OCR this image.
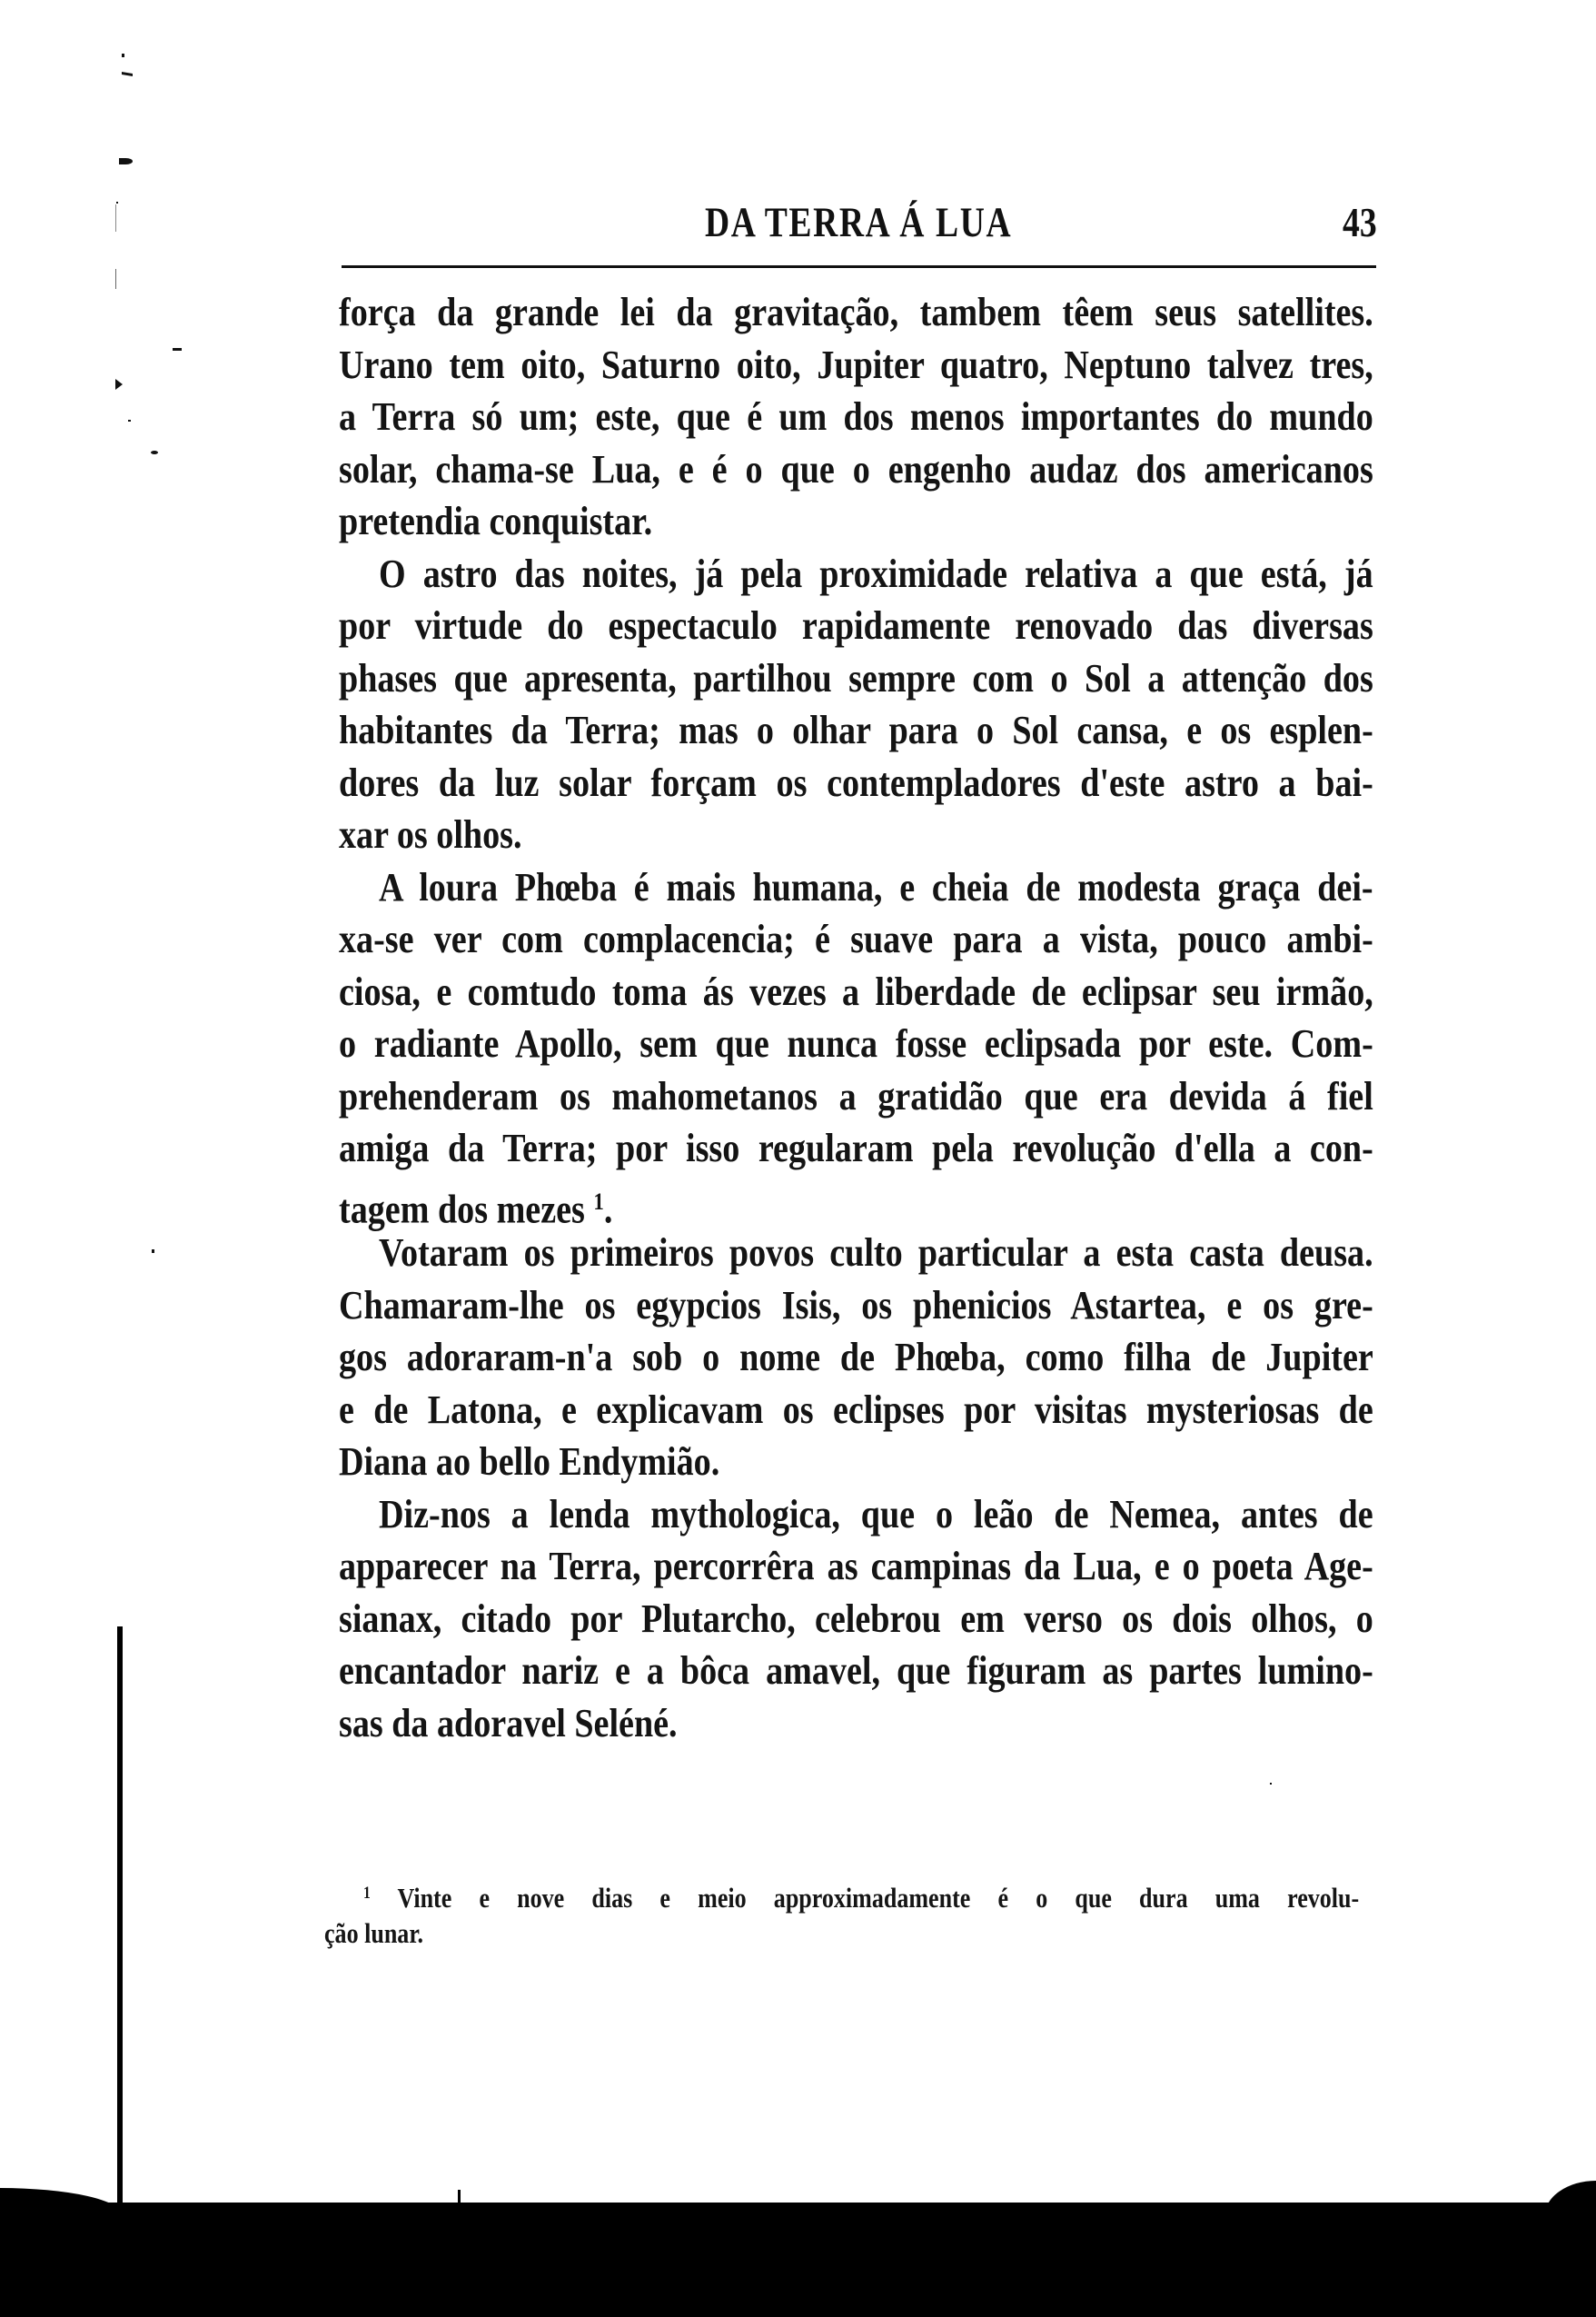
DA TERRA Á LUA	43
força da grande lei da gravitação, tambem têem seus satellites.
Urano tem oito, Saturno oito, Jupiter quatro, Neptuno talvez tres,
a Terra só um; este, que é um dos menos importantes do mundo
solar, chama-se Lua, e é o que o engenho audaz dos americanos
pretendia conquistar.
O astro das noites, já pela proximidade relativa a que está, já
por virtude do espectaculo rapidamente renovado das diversas
phases que apresenta, partilhou sempre com o Sol a attenção dos
habitantes da Terra; mas o olhar para o Sol cansa, e os esplen-
dores da luz solar forçam os contempladores d'este astro a bai-
xar os olhos.
A loura Phœba é mais humana, e cheia de modesta graça dei-
xa-se ver com complacencia; é suave para a vista, pouco ambi-
ciosa, e comtudo toma ás vezes a liberdade de eclipsar seu irmão,
o radiante Apollo, sem que nunca fosse eclipsada por este. Com-
prehenderam os mahometanos a gratidão que era devida á fiel
amiga da Terra; por isso regularam pela revolução d'ella a con-
tagem dos mezes $^1$.
Votaram os primeiros povos culto particular a esta casta deusa.
Chamaram-lhe os egypcios Isis, os phenicios Astartea, e os gre-
gos adoraram-n'a sob o nome de Phœba, como filha de Jupiter
e de Latona, e explicavam os eclipses por visitas mysteriosas de
Diana ao bello Endymião.
Diz-nos a lenda mythologica, que o leão de Nemea, antes de
apparecer na Terra, percorrêra as campinas da Lua, e o poeta Age-
sianax, citado por Plutarcho, celebrou em verso os dois olhos, o
encantador nariz e a bôca amavel, que figuram as partes lumino-
sas da adoravel Seléné.
$^1$ Vinte e nove dias e meio approximadamente é o que dura uma revolu-
ção lunar.
